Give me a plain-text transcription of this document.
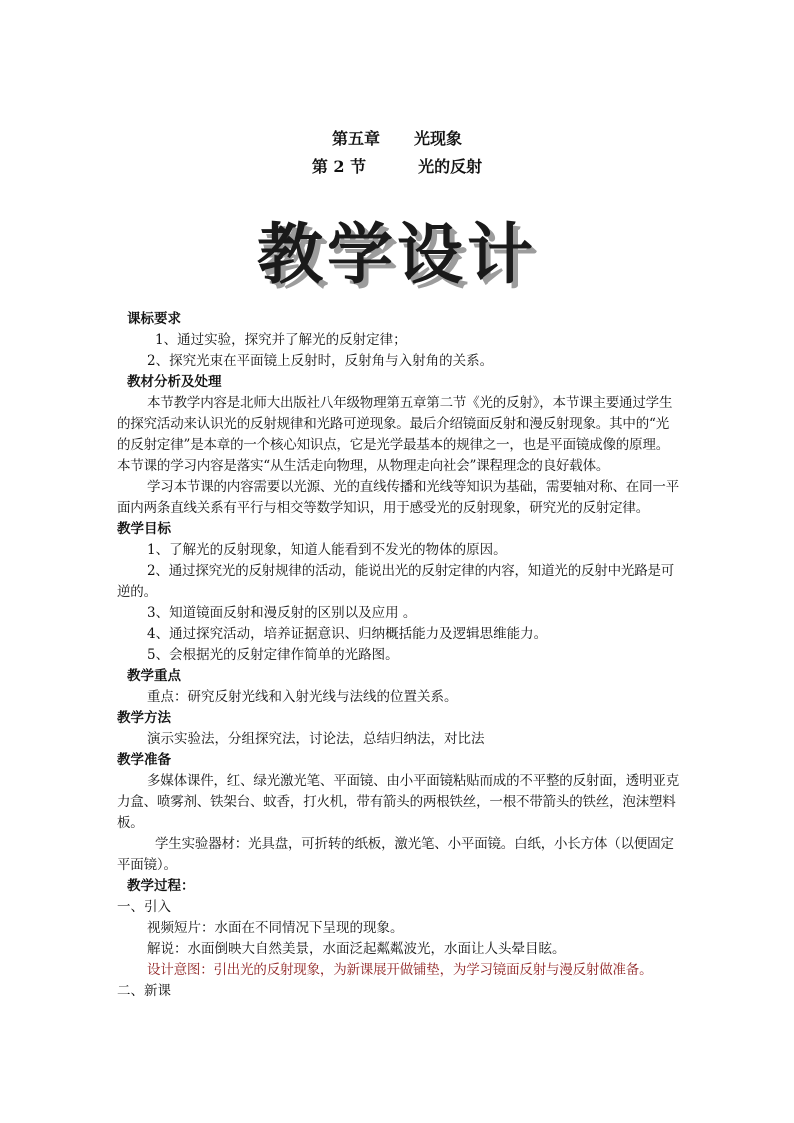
第五章 光现象
第 2 节	光的反射
教学设计

课标要求

1、通过实验，探究并了解光的反射定律；

2、探究光束在平面镜上反射时，反射角与入射角的关系。

教材分析及处理

本节教学内容是北师大出版社八年级物理第五章第二节《光的反射》，本节课主要通过学生的探究活动来认识光的反射规律和光路可逆现象。最后介绍镜面反射和漫反射现象。其中的“光的反射定律”是本章的一个核心知识点，它是光学最基本的规律之一，也是平面镜成像的原理。本节课的学习内容是落实“从生活走向物理，从物理走向社会”课程理念的良好载体。

学习本节课的内容需要以光源、光的直线传播和光线等知识为基础，需要轴对称、在同一平面内两条直线关系有平行与相交等数学知识，用于感受光的反射现象，研究光的反射定律。

教学目标

1、了解光的反射现象，知道人能看到不发光的物体的原因。

2、通过探究光的反射规律的活动，能说出光的反射定律的内容，知道光的反射中光路是可逆的。

3、知道镜面反射和漫反射的区别以及应用 。

4、通过探究活动，培养证据意识、归纳概括能力及逻辑思维能力。

5、会根据光的反射定律作简单的光路图。

教学重点

重点：研究反射光线和入射光线与法线的位置关系。

教学方法

演示实验法，分组探究法，讨论法，总结归纳法，对比法

教学准备

多媒体课件，红、绿光激光笔、平面镜、由小平面镜粘贴而成的不平整的反射面，透明亚克力盒、喷雾剂、铁架台、蚊香，打火机，带有箭头的两根铁丝，一根不带箭头的铁丝，泡沫塑料板。

学生实验器材：光具盘，可折转的纸板，激光笔、小平面镜。白纸，小长方体（以便固定平面镜）。

教学过程：

一、引入

视频短片：水面在不同情况下呈现的现象。

解说：水面倒映大自然美景，水面泛起粼粼波光，水面让人头晕目眩。

设计意图：引出光的反射现象，为新课展开做铺垫，为学习镜面反射与漫反射做准备。

二、新课
